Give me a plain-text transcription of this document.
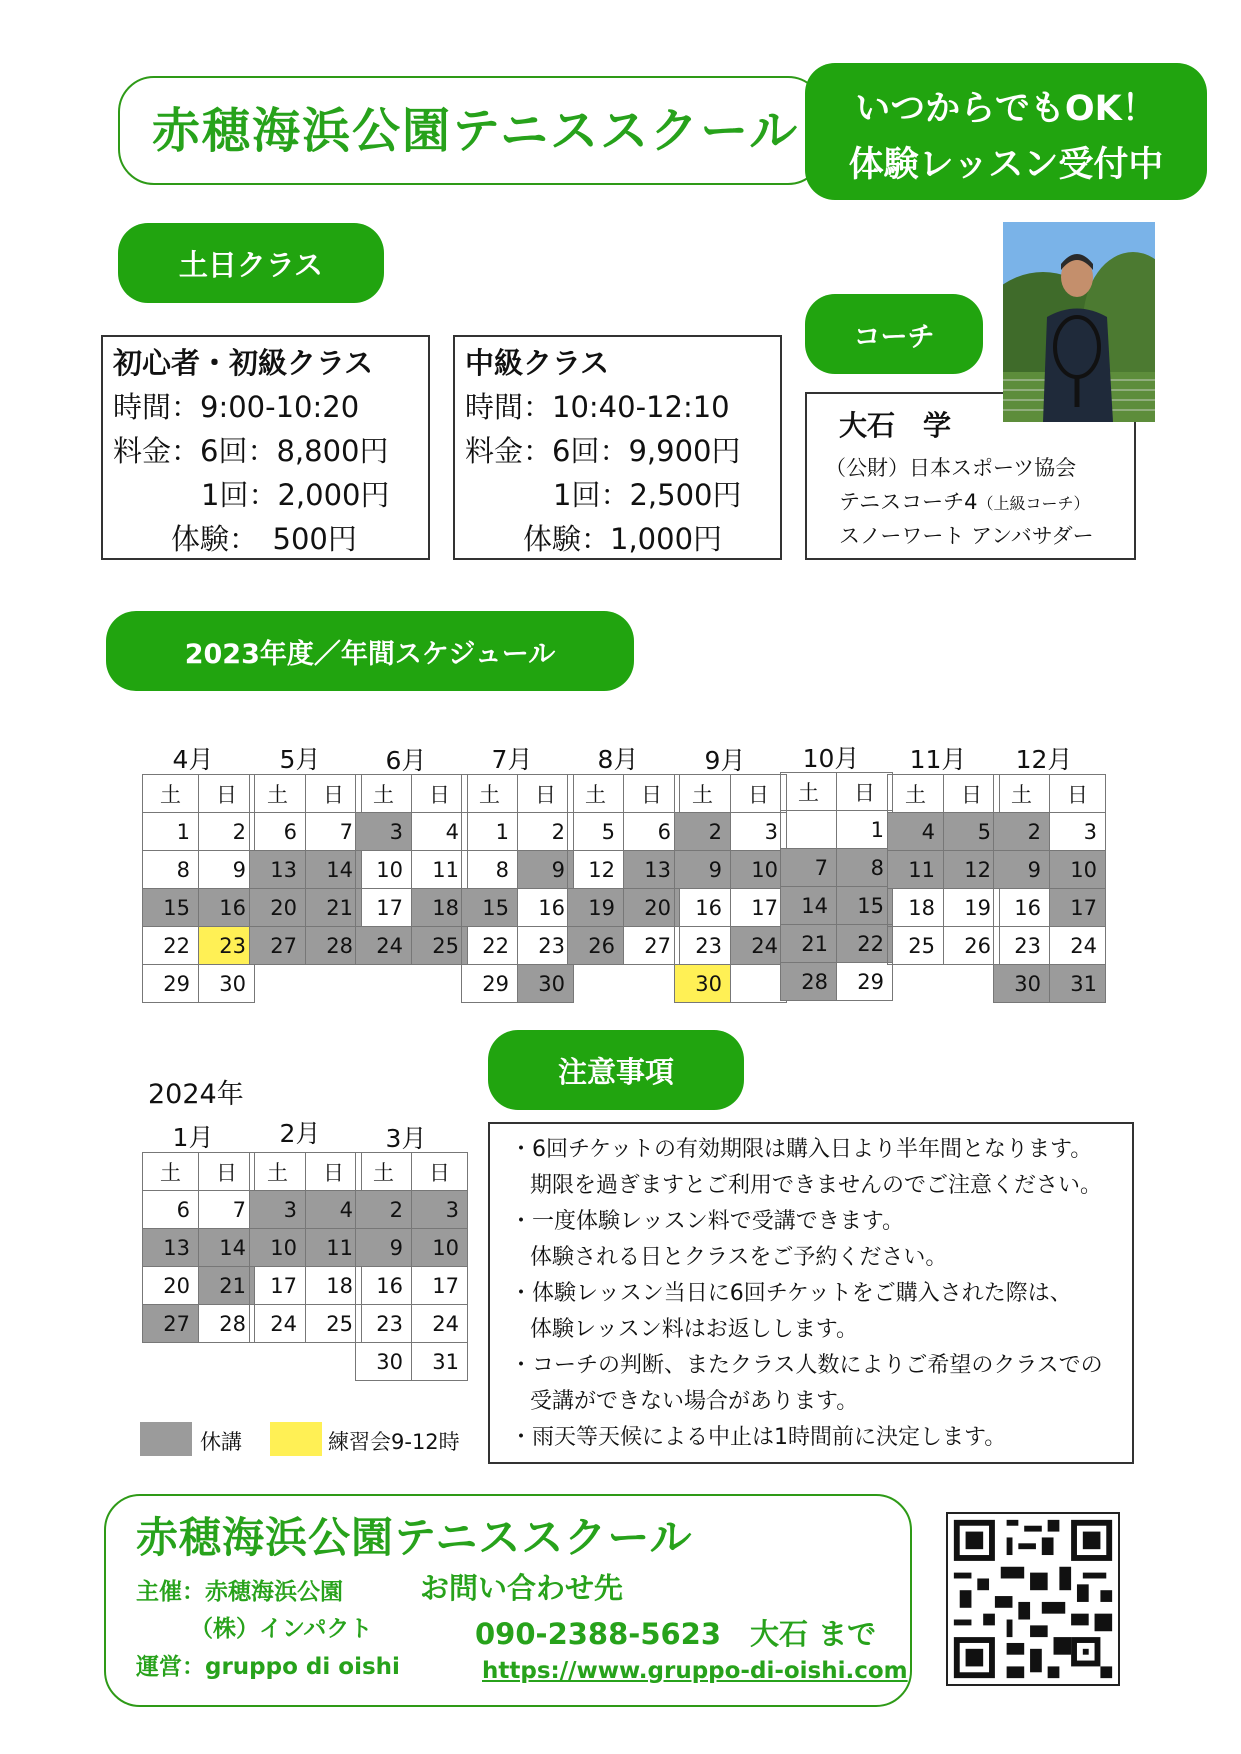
赤穂海浜公園テニススクール	いつからでもOK！
体験レッスン受付中
土日クラス
初心者・初級クラス
時間：9:00-10:20
料金：6回：8,800円
1回：2,000円
体験：　500円
中級クラス
時間：10:40-12:10
料金：6回：9,900円
1回：2,500円
体験：1,000円
コーチ
大石　学
（公財）日本スポーツ協会
テニスコーチ4（上級コーチ）
スノーワート アンバサダー
2023年度／年間スケジュール
4月
土	日
1	2
8	9
15	16
22	23
29	30
5月
土	日
6	7
13	14
20	21
27	28
6月
土	日
3	4
10	11
17	18
24	25
7月
土	日
1	2
8	9
15	16
22	23
29	30
8月
土	日
5	6
12	13
19	20
26	27
9月
土	日
2	3
9	10
16	17
23	24
30	
10月
土	日
	1
7	8
14	15
21	22
28	29
11月
土	日
4	5
11	12
18	19
25	26
12月
土	日
2	3
9	10
16	17
23	24
30	31
1月
土	日
6	7
13	14
20	21
27	28
2月
土	日
3	4
10	11
17	18
24	25
3月
土	日
2	3
9	10
16	17
23	24
30	31
2024年
休講	練習会9-12時
注意事項
・6回チケットの有効期限は購入日より半年間となります。
期限を過ぎますとご利用できませんのでご注意ください。
・一度体験レッスン料で受講できます。
体験される日とクラスをご予約ください。
・体験レッスン当日に6回チケットをご購入された際は、
体験レッスン料はお返しします。
・コーチの判断、またクラス人数によりご希望のクラスでの
受講ができない場合があります。
・雨天等天候による中止は1時間前に決定します。
赤穂海浜公園テニススクール
主催：赤穂海浜公園
（株）インパクト
運営：gruppo di oishi
お問い合わせ先
090-2388-5623　大石 まで
https://www.gruppo-di-oishi.com
